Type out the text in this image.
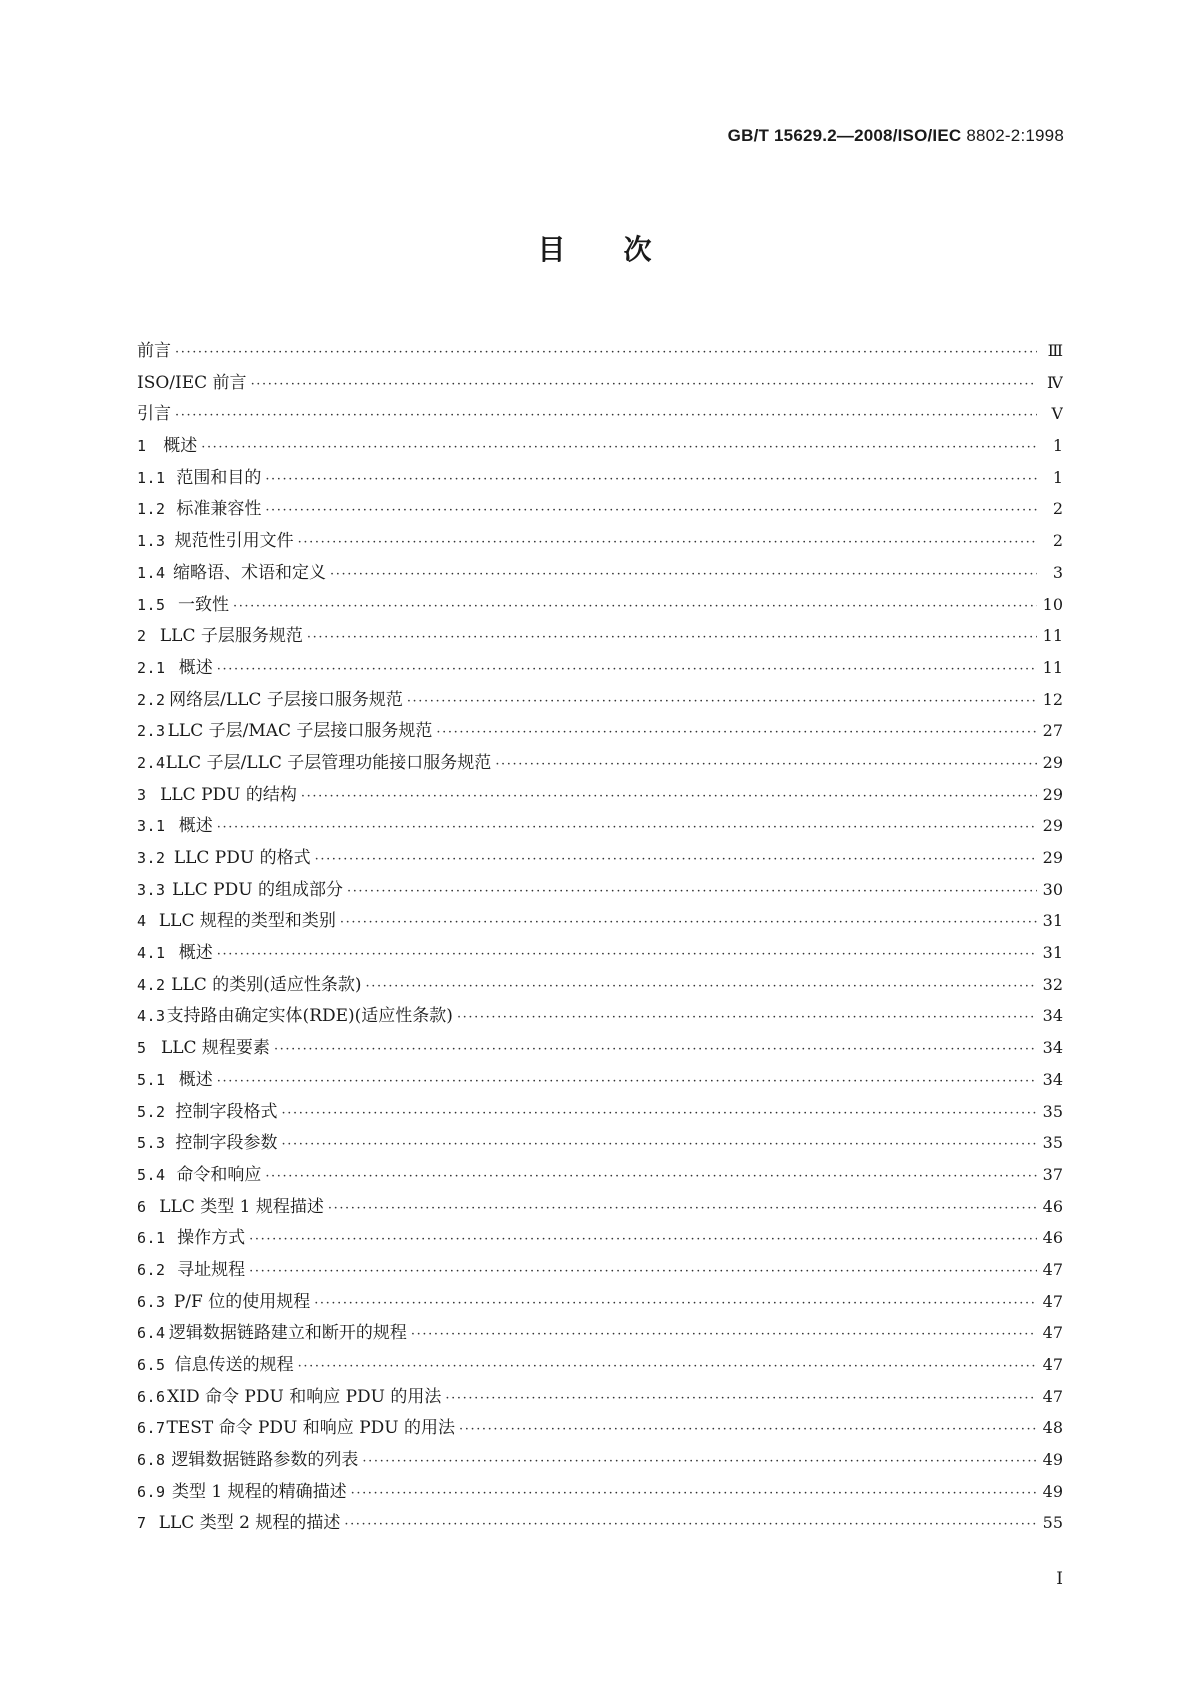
GB/T 15629.2—2008/ISO/IEC 8802-2:1998
目 次
前言 ·····	Ⅲ
ISO/IEC 前言 ·····	Ⅳ
引言 ·····	Ⅴ
1 概述 ·····	1
1.1 范围和目的 ·····	1
1.2 标准兼容性 ·····	2
1.3 规范性引用文件 ·····	2
1.4 缩略语、术语和定义 ·····	3
1.5 一致性 ·····	10
2 LLC 子层服务规范 ·····	11
2.1 概述 ·····	11
2.2 网络层/LLC 子层接口服务规范 ·····	12
2.3 LLC 子层/MAC 子层接口服务规范 ·····	27
2.4 LLC 子层/LLC 子层管理功能接口服务规范 ·····	29
3 LLC PDU 的结构 ·····	29
3.1 概述 ·····	29
3.2 LLC PDU 的格式 ·····	29
3.3 LLC PDU 的组成部分 ·····	30
4 LLC 规程的类型和类别 ·····	31
4.1 概述 ·····	31
4.2 LLC 的类别(适应性条款) ·····	32
4.3 支持路由确定实体(RDE)(适应性条款) ·····	34
5 LLC 规程要素 ·····	34
5.1 概述 ·····	34
5.2 控制字段格式 ·····	35
5.3 控制字段参数 ·····	35
5.4 命令和响应 ·····	37
6 LLC 类型 1 规程描述 ·····	46
6.1 操作方式 ·····	46
6.2 寻址规程 ·····	47
6.3 P/F 位的使用规程 ·····	47
6.4 逻辑数据链路建立和断开的规程 ·····	47
6.5 信息传送的规程 ·····	47
6.6 XID 命令 PDU 和响应 PDU 的用法 ·····	47
6.7 TEST 命令 PDU 和响应 PDU 的用法 ·····	48
6.8 逻辑数据链路参数的列表 ·····	49
6.9 类型 1 规程的精确描述 ·····	49
7 LLC 类型 2 规程的描述 ·····	55
I
